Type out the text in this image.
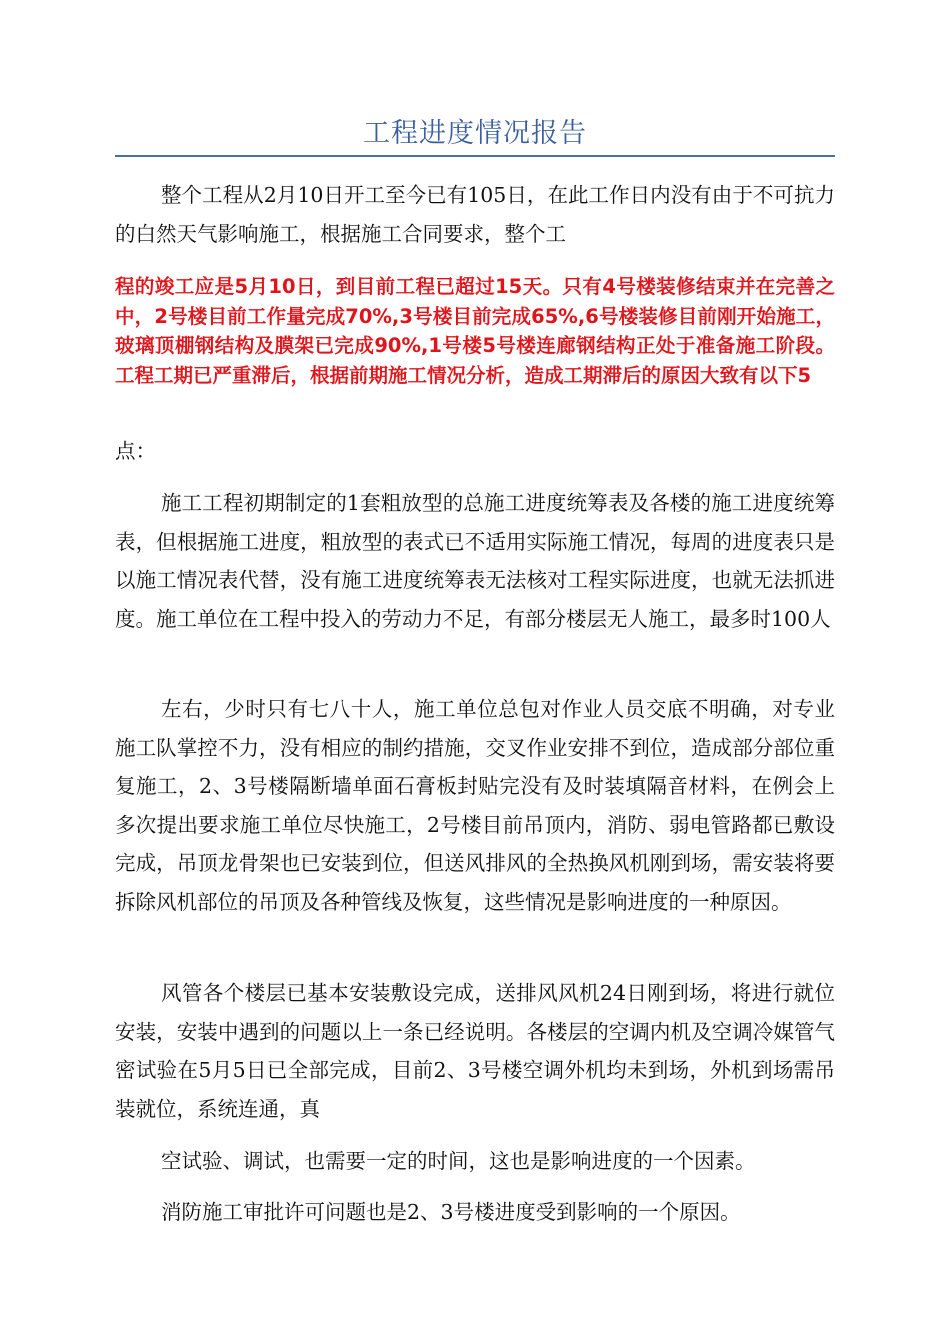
工程进度情况报告

整个工程从2月10日开工至今已有105日，在此工作日内没有由于不可抗力的白然天气影响施工，根据施工合同要求，整个工

程的竣工应是5月10日，到目前工程已超过15天。只有4号楼装修结束并在完善之中，2号楼目前工作量完成70%,3号楼目前完成65%,6号楼装修目前刚开始施工，玻璃顶棚钢结构及膜架已完成90%,1号楼5号楼连廊钢结构正处于准备施工阶段。工程工期已严重滞后，根据前期施工情况分析，造成工期滞后的原因大致有以下5

点：

施工工程初期制定的1套粗放型的总施工进度统筹表及各楼的施工进度统筹表，但根据施工进度，粗放型的表式已不适用实际施工情况，每周的进度表只是以施工情况表代替，没有施工进度统筹表无法核对工程实际进度，也就无法抓进度。施工单位在工程中投入的劳动力不足，有部分楼层无人施工，最多时100人

左右，少时只有七八十人，施工单位总包对作业人员交底不明确，对专业施工队掌控不力，没有相应的制约措施，交叉作业安排不到位，造成部分部位重复施工，2、3号楼隔断墙单面石膏板封贴完没有及时装填隔音材料，在例会上多次提出要求施工单位尽快施工，2号楼目前吊顶内，消防、弱电管路都已敷设完成，吊顶龙骨架也已安装到位，但送风排风的全热换风机刚到场，需安装将要拆除风机部位的吊顶及各种管线及恢复，这些情况是影响进度的一种原因。

风管各个楼层已基本安装敷设完成，送排风风机24日刚到场，将进行就位安装，安装中遇到的问题以上一条已经说明。各楼层的空调内机及空调冷媒管气密试验在5月5日已全部完成，目前2、3号楼空调外机均未到场，外机到场需吊装就位，系统连通，真

空试验、调试，也需要一定的时间，这也是影响进度的一个因素。

消防施工审批许可问题也是2、3号楼进度受到影响的一个原因。
